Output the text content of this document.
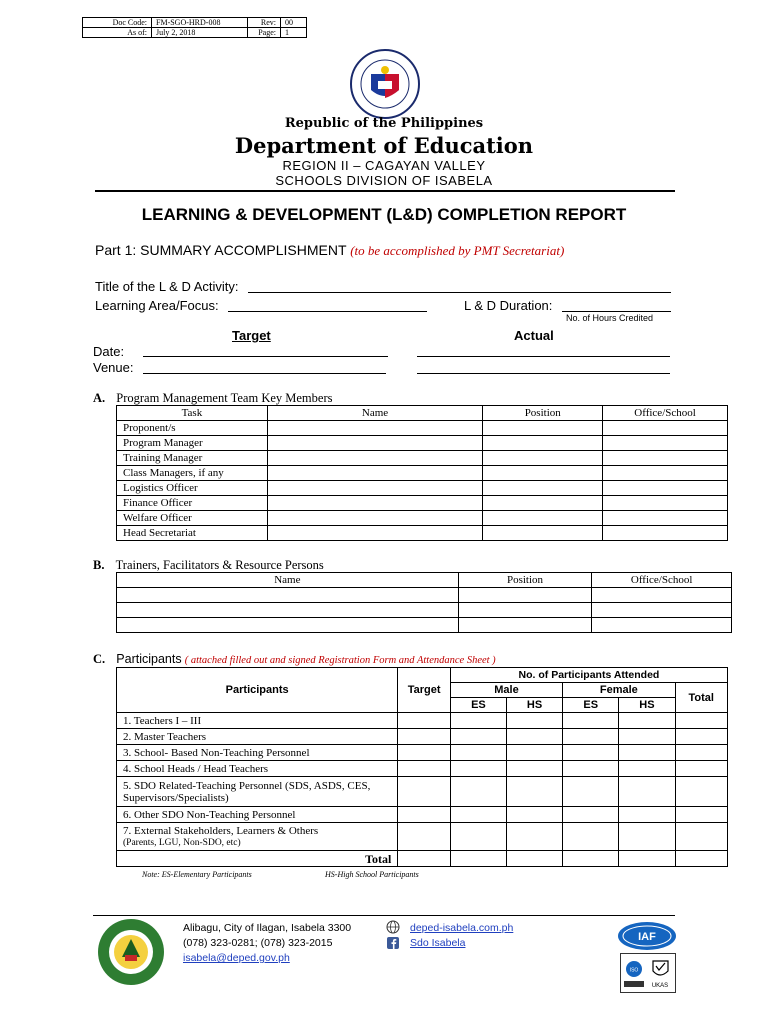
Doc Code:	FM-SGO-HRD-008	Rev:	00
As of:	July 2, 2018	Page:	1
Republic of the Philippines
Department of Education
REGION II – CAGAYAN VALLEY
SCHOOLS DIVISION OF ISABELA
LEARNING & DEVELOPMENT (L&D) COMPLETION REPORT
Part 1: SUMMARY ACCOMPLISHMENT (to be accomplished by PMT Secretariat)
Title of the L & D Activity:
Learning Area/Focus:	L & D Duration:
No. of Hours Credited
Target	Actual
Date:
Venue:
A. Program Management Team Key Members
Task	Name	Position	Office/School
Proponent/s			
Program Manager			
Training Manager			
Class Managers, if any			
Logistics Officer			
Finance Officer			
Welfare Officer			
Head Secretariat			
B. Trainers, Facilitators & Resource Persons
Name	Position	Office/School

C. Participants ( attached filled out and signed Registration Form and Attendance Sheet )
Participants	Target	No. of Participants Attended				
		Male		Female		Total
		ES	HS	ES	HS	
1. Teachers I – III						
2. Master Teachers						
3. School- Based Non-Teaching Personnel						
4. School Heads / Head Teachers						
5. SDO Related-Teaching Personnel (SDS, ASDS, CES, Supervisors/Specialists)						
6. Other SDO Non-Teaching Personnel						
7. External Stakeholders, Learners & Others
(Parents, LGU, Non-SDO, etc)						

Total						
Note: ES-Elementary Participants	HS-High School Participants
Alibagu, City of Ilagan, Isabela 3300
(078) 323-0281; (078) 323-2015
isabela@deped.gov.ph
deped-isabela.com.ph
Sdo Isabela	IAF
ISO
UKAS
